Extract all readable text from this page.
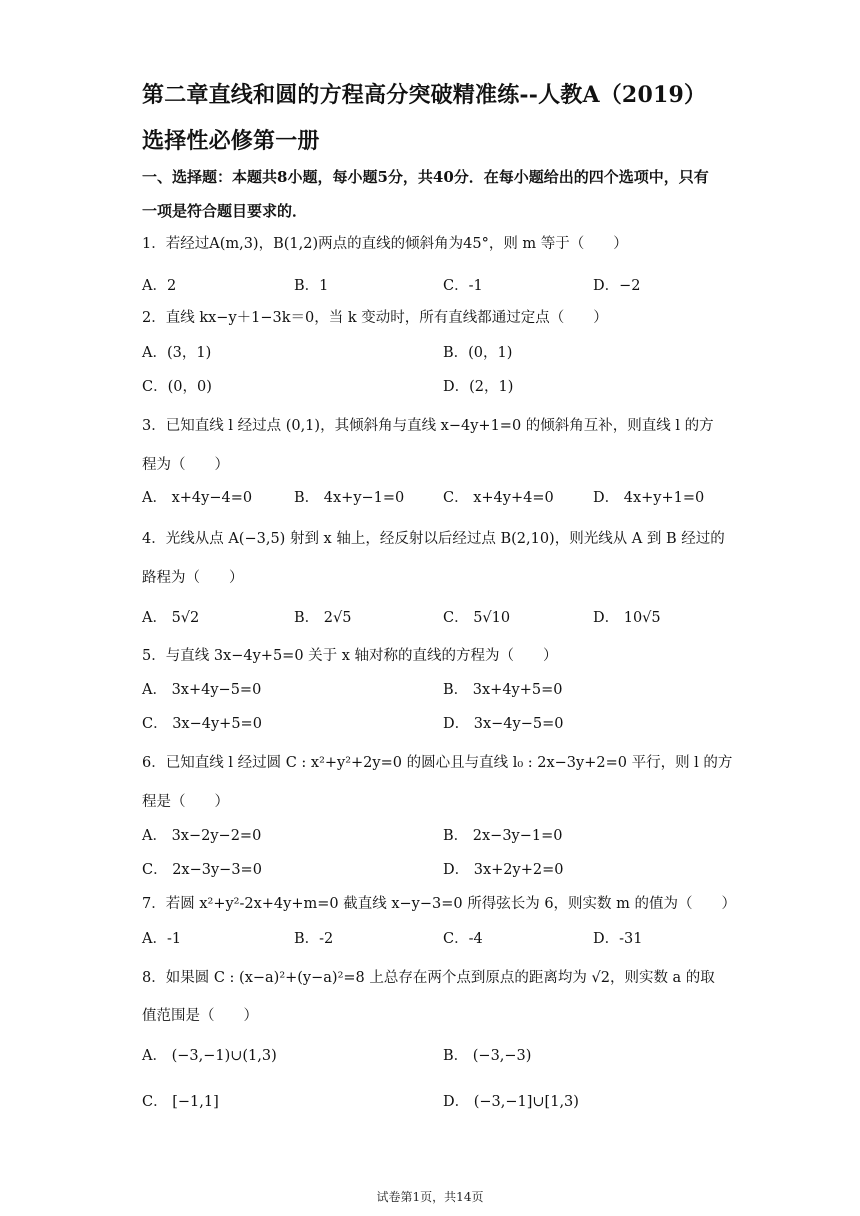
第二章直线和圆的方程高分突破精准练--人教A（2019）选择性必修第一册
一、选择题：本题共8小题，每小题5分，共40分．在每小题给出的四个选项中，只有一项是符合题目要求的．
1．若经过A(m,3)，B(1,2)两点的直线的倾斜角为45°，则 m 等于（　　）
A．2	B．1	C．-1	D．−2
2．直线 kx−y＋1−3k＝0，当 k 变动时，所有直线都通过定点（　　）
A．(3，1)	B．(0，1)
C．(0，0)	D．(2，1)
3．已知直线 l 经过点 (0,1)，其倾斜角与直线 x−4y+1=0 的倾斜角互补，则直线 l 的方
程为（　　）
A． x+4y−4=0	B． 4x+y−1=0	C． x+4y+4=0	D． 4x+y+1=0
4．光线从点 A(−3,5) 射到 x 轴上，经反射以后经过点 B(2,10)，则光线从 A 到 B 经过的
路程为（　　）
A． 5√2	B． 2√5	C． 5√10	D． 10√5
5．与直线 3x−4y+5=0 关于 x 轴对称的直线的方程为（　　）
A． 3x+4y−5=0	B． 3x+4y+5=0
C． 3x−4y+5=0	D． 3x−4y−5=0
6．已知直线 l 经过圆 C : x²+y²+2y=0 的圆心且与直线 l₀ : 2x−3y+2=0 平行，则 l 的方
程是（　　）
A． 3x−2y−2=0	B． 2x−3y−1=0
C． 2x−3y−3=0	D． 3x+2y+2=0
7．若圆 x²+y²-2x+4y+m=0 截直线 x−y−3=0 所得弦长为 6，则实数 m 的值为（　　）
A．-1	B．-2	C．-4	D．-31
8．如果圆 C : (x−a)²+(y−a)²=8 上总存在两个点到原点的距离均为 √2，则实数 a 的取
值范围是（　　）
A． (−3,−1)∪(1,3)	B． (−3,−3)
C． [−1,1]	D． (−3,−1]∪[1,3)
试卷第1页，共14页
